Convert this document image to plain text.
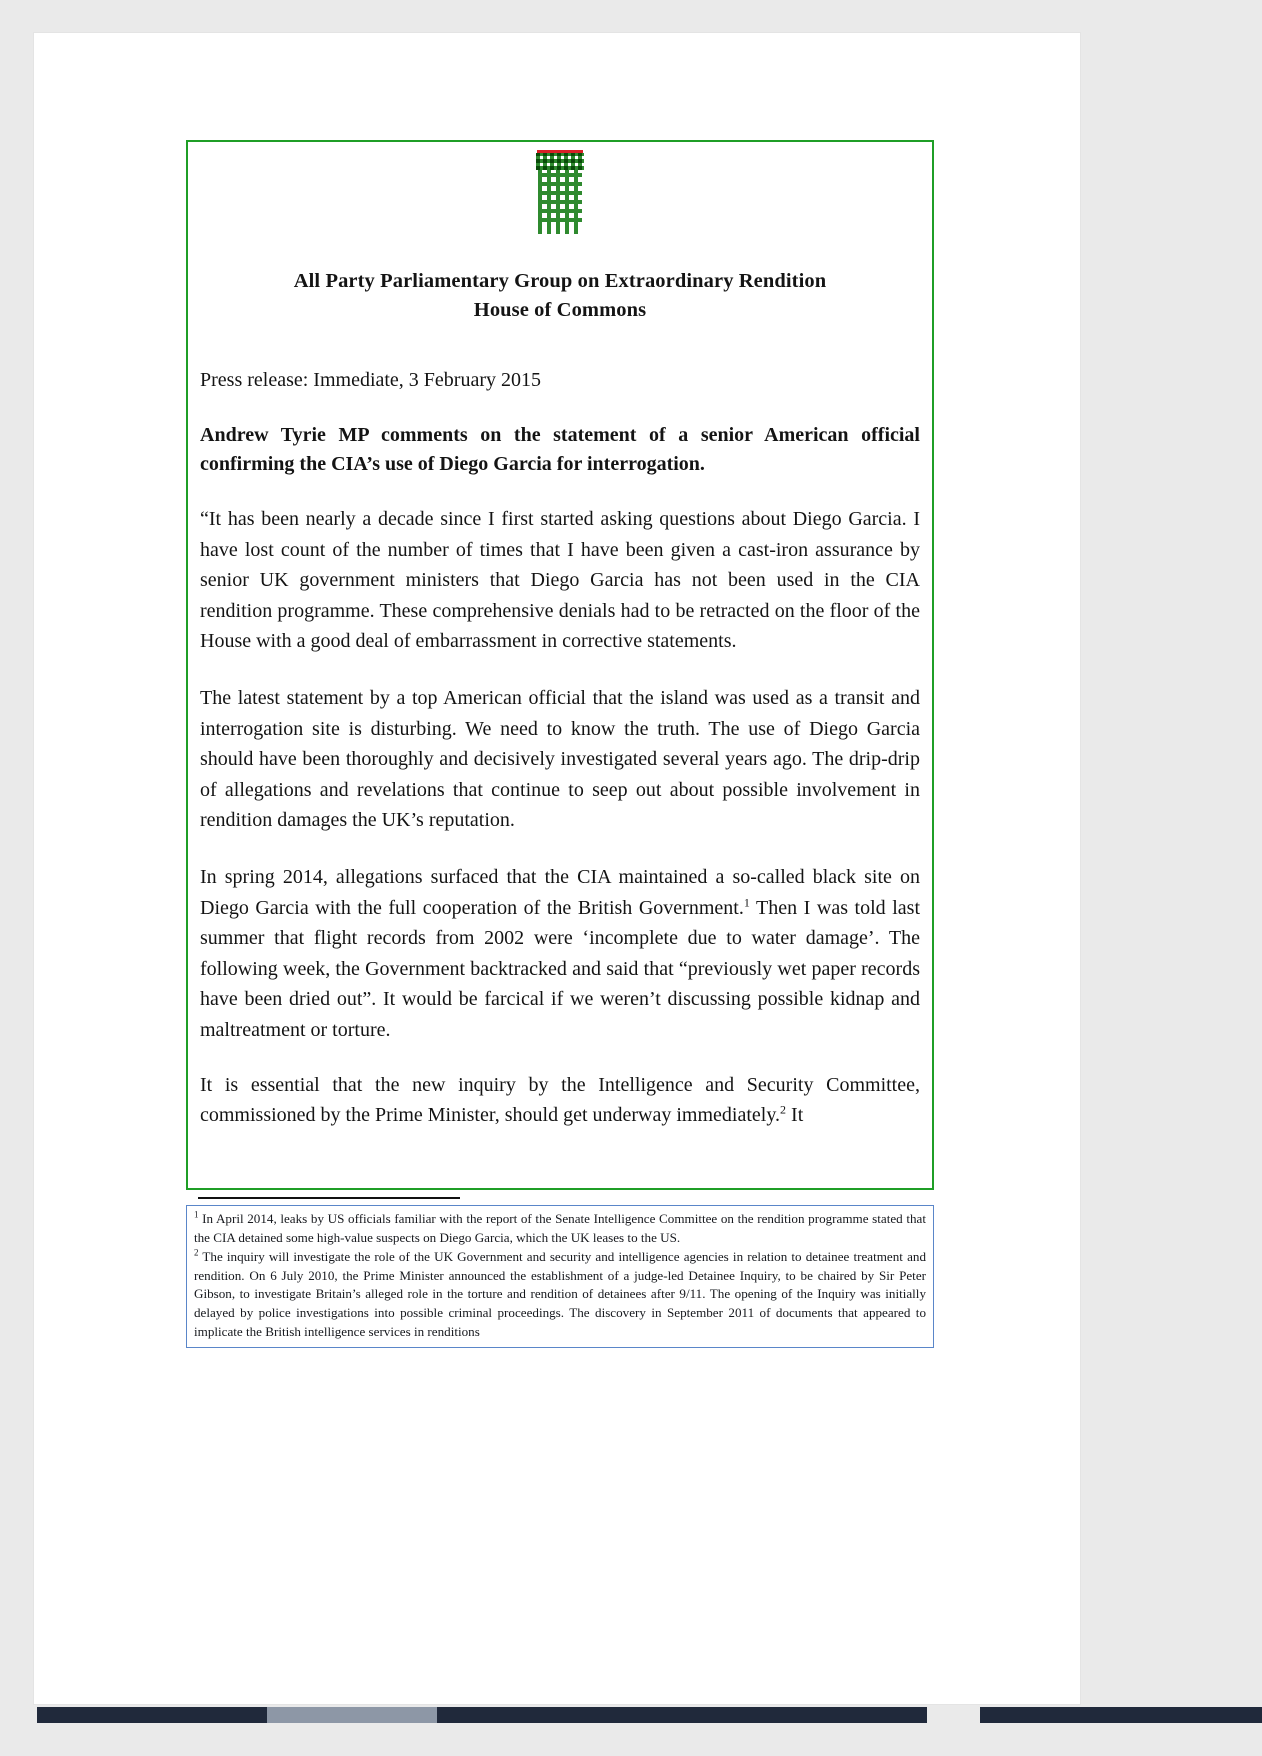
All Party Parliamentary Group on Extraordinary Rendition
House of Commons
Press release: Immediate, 3 February 2015
Andrew Tyrie MP comments on the statement of a senior American official confirming the CIA’s use of Diego Garcia for interrogation.
“It has been nearly a decade since I first started asking questions about Diego Garcia. I have lost count of the number of times that I have been given a cast-iron assurance by senior UK government ministers that Diego Garcia has not been used in the CIA rendition programme. These comprehensive denials had to be retracted on the floor of the House with a good deal of embarrassment in corrective statements.
The latest statement by a top American official that the island was used as a transit and interrogation site is disturbing. We need to know the truth. The use of Diego Garcia should have been thoroughly and decisively investigated several years ago. The drip-drip of allegations and revelations that continue to seep out about possible involvement in rendition damages the UK’s reputation.
In spring 2014, allegations surfaced that the CIA maintained a so-called black site on Diego Garcia with the full cooperation of the British Government.$^1$ Then I was told last summer that flight records from 2002 were ‘incomplete due to water damage’. The following week, the Government backtracked and said that “previously wet paper records have been dried out”. It would be farcical if we weren’t discussing possible kidnap and maltreatment or torture.
It is essential that the new inquiry by the Intelligence and Security Committee, commissioned by the Prime Minister, should get underway immediately.$^2$ It
$^1$ In April 2014, leaks by US officials familiar with the report of the Senate Intelligence Committee on the rendition programme stated that the CIA detained some high-value suspects on Diego Garcia, which the UK leases to the US.
$^2$ The inquiry will investigate the role of the UK Government and security and intelligence agencies in relation to detainee treatment and rendition. On 6 July 2010, the Prime Minister announced the establishment of a judge-led Detainee Inquiry, to be chaired by Sir Peter Gibson, to investigate Britain’s alleged role in the torture and rendition of detainees after 9/11. The opening of the Inquiry was initially delayed by police investigations into possible criminal proceedings. The discovery in September 2011 of documents that appeared to implicate the British intelligence services in renditions
